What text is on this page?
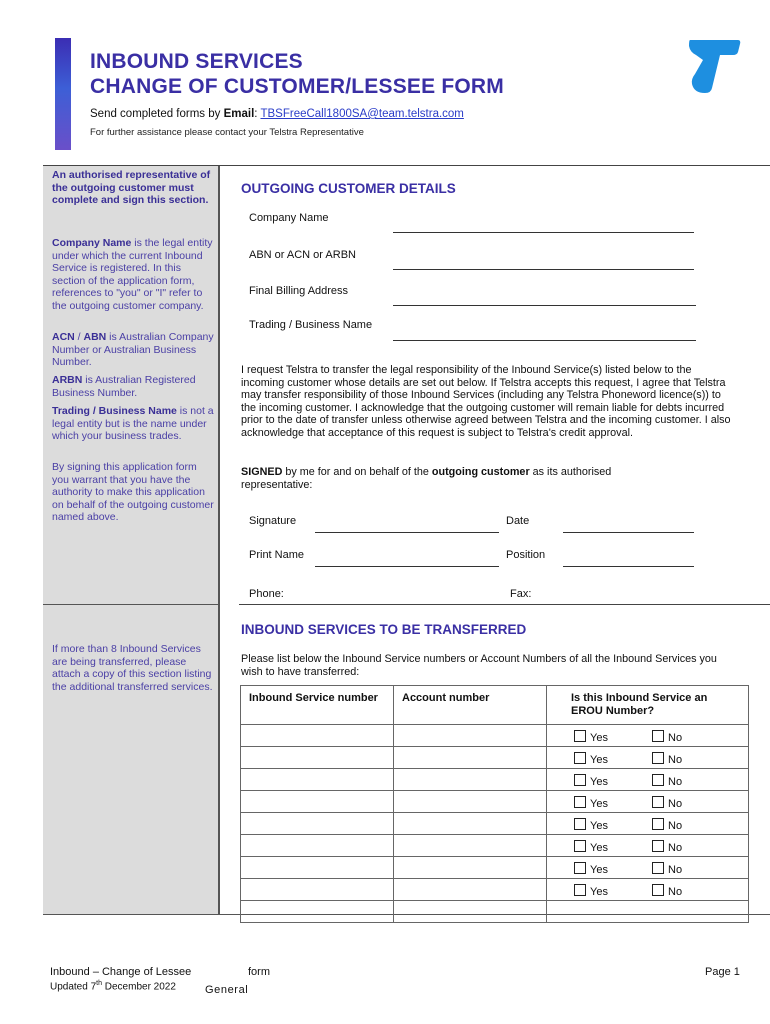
INBOUND SERVICES
CHANGE OF CUSTOMER/LESSEE FORM
Send completed forms by Email: TBSFreeCall1800SA@team.telstra.com
For further assistance please contact your Telstra Representative
An authorised representative of the outgoing customer must complete and sign this section.
Company Name is the legal entity under which the current Inbound Service is registered. In this section of the application form, references to "you" or "I" refer to the outgoing customer company.
ACN / ABN is Australian Company Number or Australian Business Number.
ARBN is Australian Registered Business Number.
Trading / Business Name is not a legal entity but is the name under which your business trades.
By signing this application form you warrant that you have the authority to make this application on behalf of the outgoing customer named above.
If more than 8 Inbound Services are being transferred, please attach a copy of this section listing the additional transferred services.
OUTGOING CUSTOMER DETAILS
Company Name
ABN or ACN or ARBN
Final Billing Address
Trading / Business Name
I request Telstra to transfer the legal responsibility of the Inbound Service(s) listed below to the incoming customer whose details are set out below. If Telstra accepts this request, I agree that Telstra may transfer responsibility of those Inbound Services (including any Telstra Phoneword licence(s)) to the incoming customer. I acknowledge that the outgoing customer will remain liable for debts incurred prior to the date of transfer unless otherwise agreed between Telstra and the incoming customer. I also acknowledge that acceptance of this request is subject to Telstra's credit approval.
SIGNED by me for and on behalf of the outgoing customer as its authorised representative:
Signature	Date
Print Name	Position
Phone:	Fax:
INBOUND SERVICES TO BE TRANSFERRED
Please list below the Inbound Service numbers or Account Numbers of all the Inbound Services you wish to have transferred:
Inbound Service number	Account number	Is this Inbound Service an EROU Number?

		Yes No

		Yes No

		Yes No

		Yes No

		Yes No

		Yes No

		Yes No

		Yes No

Inbound – Change of Lessee	form
Updated 7th December 2022	General
Page 1
